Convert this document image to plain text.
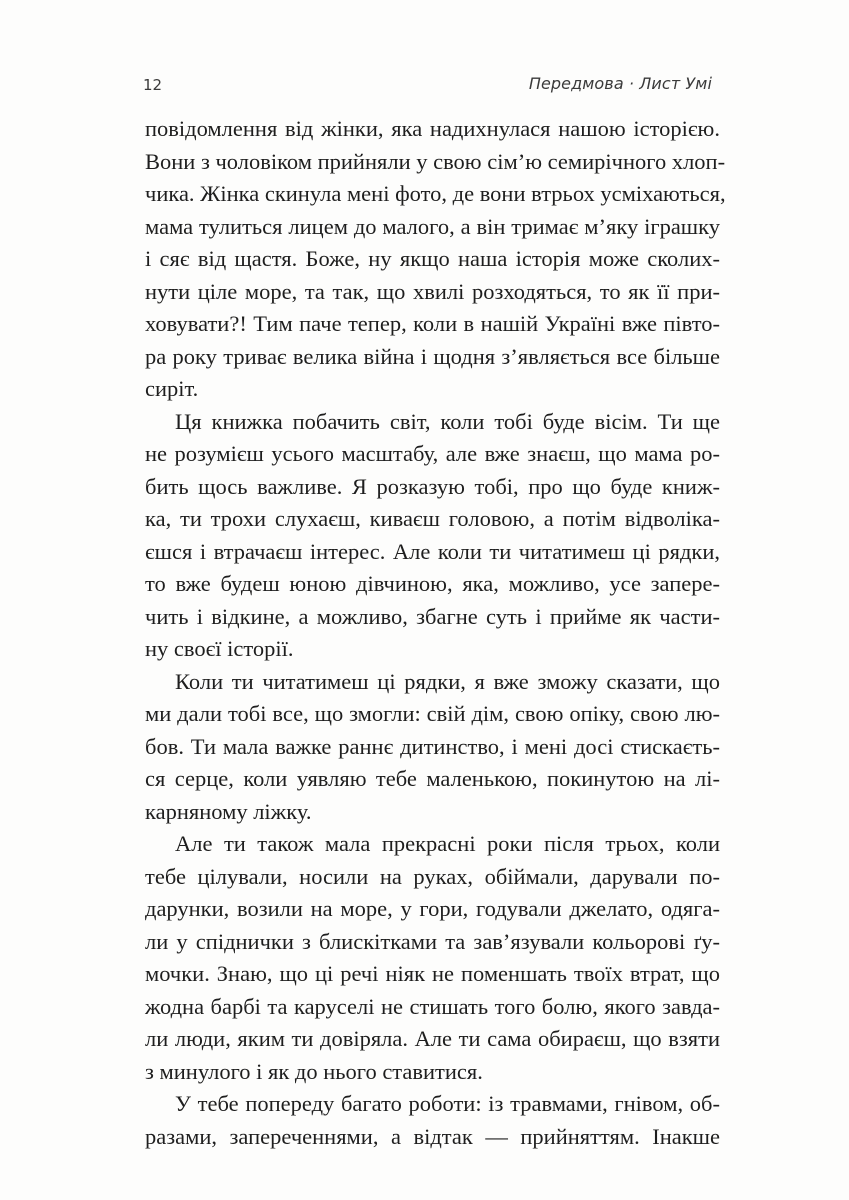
12	Передмова · Лист Умі
повідомлення від жінки, яка надихнулася нашою історією.
Вони з чоловіком прийняли у свою сім’ю семирічного хлоп-
чика. Жінка скинула мені фото, де вони втрьох усміхаються,
мама тулиться лицем до малого, а він тримає м’яку іграшку
і сяє від щастя. Боже, ну якщо наша історія може сколих-
нути ціле море, та так, що хвилі розходяться, то як її при-
ховувати?! Тим паче тепер, коли в нашій Україні вже півто-
ра року триває велика війна і щодня з’являється все більше
сиріт.
Ця книжка побачить світ, коли тобі буде вісім. Ти ще
не розумієш усього масштабу, але вже знаєш, що мама ро-
бить щось важливе. Я розказую тобі, про що буде книж-
ка, ти трохи слухаєш, киваєш головою, а потім відволіка-
єшся і втрачаєш інтерес. Але коли ти читатимеш ці рядки,
то вже будеш юною дівчиною, яка, можливо, усе запере-
чить і відкине, а можливо, збагне суть і прийме як части-
ну своєї історії.
Коли ти читатимеш ці рядки, я вже зможу сказати, що
ми дали тобі все, що змогли: свій дім, свою опіку, свою лю-
бов. Ти мала важке раннє дитинство, і мені досі стискаєть-
ся серце, коли уявляю тебе маленькою, покинутою на лі-
карняному ліжку.
Але ти також мала прекрасні роки після трьох, коли
тебе цілували, носили на руках, обіймали, дарували по-
дарунки, возили на море, у гори, годували джелато, одяга-
ли у спіднички з блискітками та зав’язували кольорові ґу-
мочки. Знаю, що ці речі ніяк не поменшать твоїх втрат, що
жодна барбі та каруселі не стишать того болю, якого завда-
ли люди, яким ти довіряла. Але ти сама обираєш, що взяти
з минулого і як до нього ставитися.
У тебе попереду багато роботи: із травмами, гнівом, об-
разами, запереченнями, а відтак — прийняттям. Інакше
